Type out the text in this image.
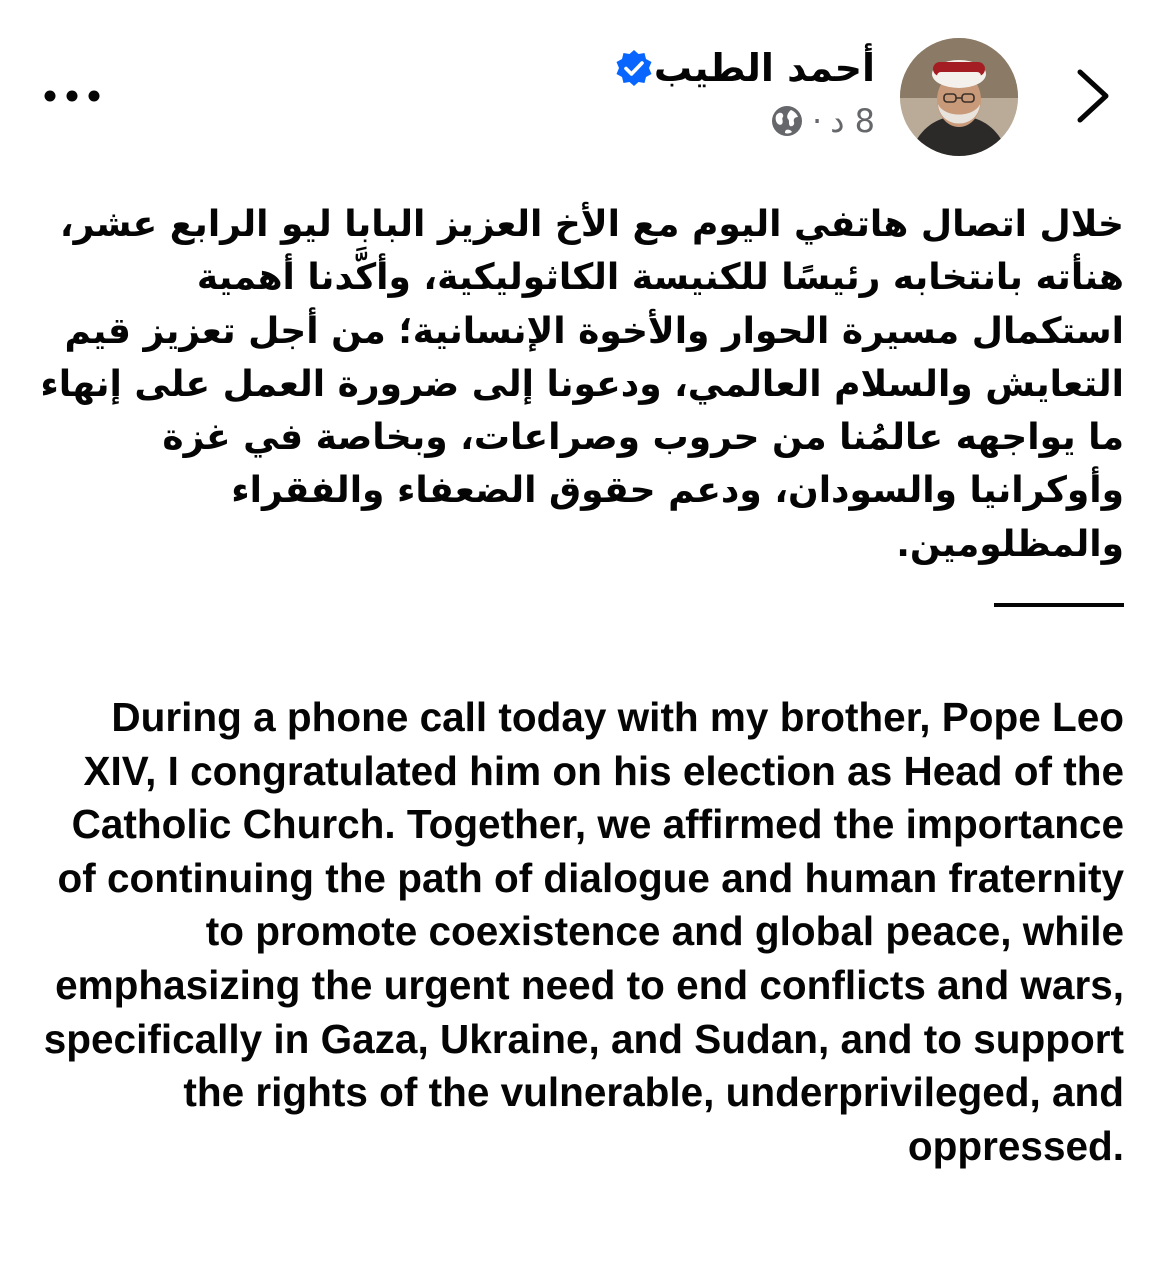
أحمد الطيب
8 د
·

خلال اتصال هاتفي اليوم مع الأخ العزيز البابا ليو الرابع عشر، هنأته بانتخابه رئيسًا للكنيسة الكاثوليكية، وأكَّدنا أهمية استكمال مسيرة الحوار والأخوة الإنسانية؛ من أجل تعزيز قيم التعايش والسلام العالمي، ودعونا إلى ضرورة العمل على إنهاء ما يواجهه عالمُنا من حروب وصراعات، وبخاصة في غزة وأوكرانيا والسودان، ودعم حقوق الضعفاء والفقراء والمظلومين.

During a phone call today with my brother, Pope Leo XIV, I congratulated him on his election as Head of the Catholic Church. Together, we affirmed the importance of continuing the path of dialogue and human fraternity to promote coexistence and global peace, while emphasizing the urgent need to end conflicts and wars, specifically in Gaza, Ukraine, and Sudan, and to support the rights of the vulnerable, underprivileged, and oppressed.
